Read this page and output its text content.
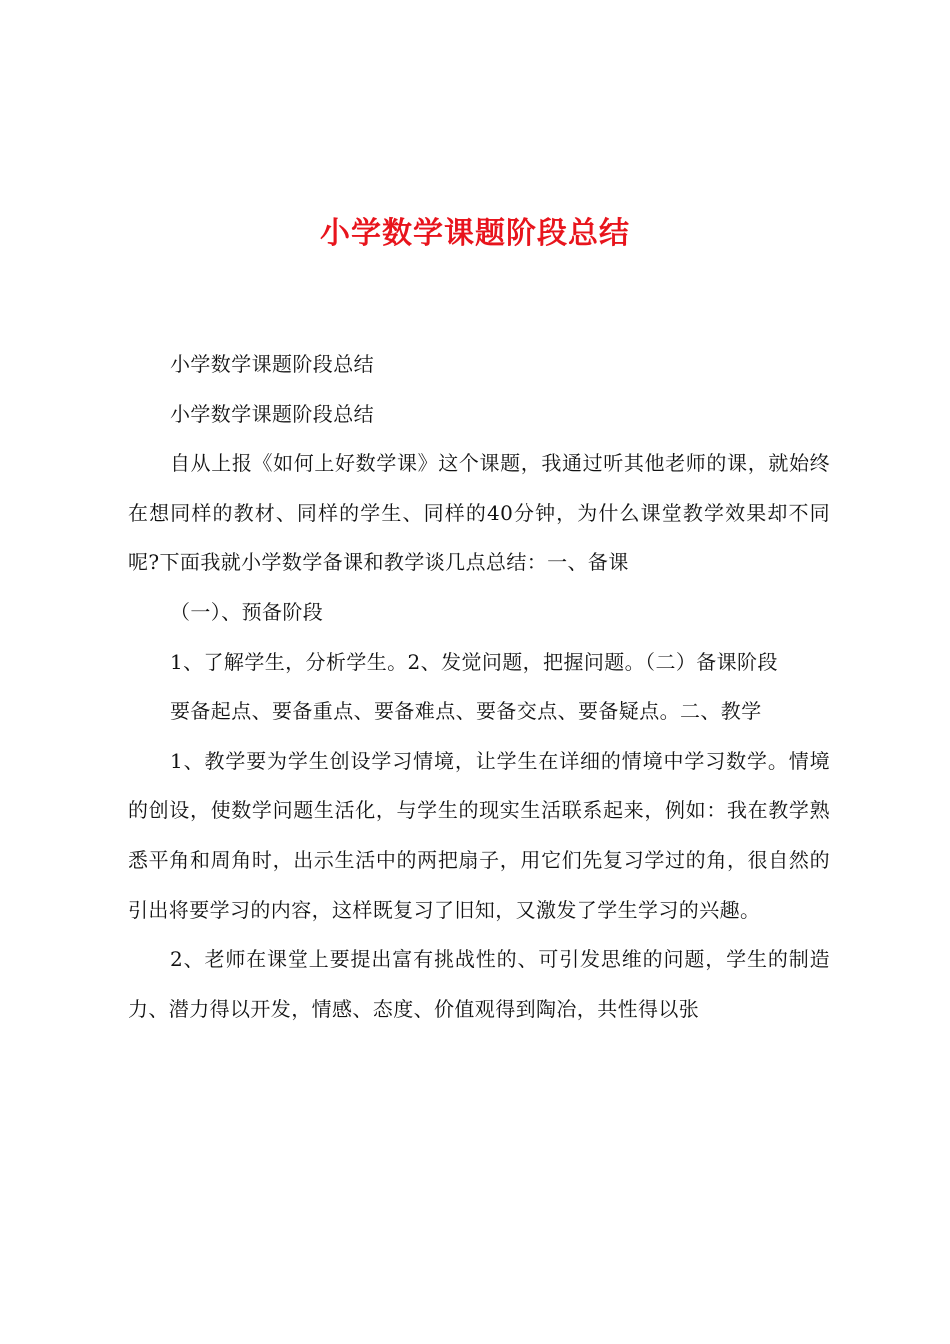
小学数学课题阶段总结

小学数学课题阶段总结

小学数学课题阶段总结

自从上报《如何上好数学课》这个课题，我通过听其他老师的课，就始终在想同样的教材、同样的学生、同样的40分钟，为什么课堂教学效果却不同呢?下面我就小学数学备课和教学谈几点总结：一、备课

（一）、预备阶段

1、了解学生，分析学生。2、发觉问题，把握问题。（二）备课阶段

要备起点、要备重点、要备难点、要备交点、要备疑点。二、教学

1、教学要为学生创设学习情境，让学生在详细的情境中学习数学。情境的创设，使数学问题生活化，与学生的现实生活联系起来，例如：我在教学熟悉平角和周角时，出示生活中的两把扇子，用它们先复习学过的角，很自然的引出将要学习的内容，这样既复习了旧知，又激发了学生学习的兴趣。

2、老师在课堂上要提出富有挑战性的、可引发思维的问题，学生的制造力、潜力得以开发，情感、态度、价值观得到陶冶，共性得以张
